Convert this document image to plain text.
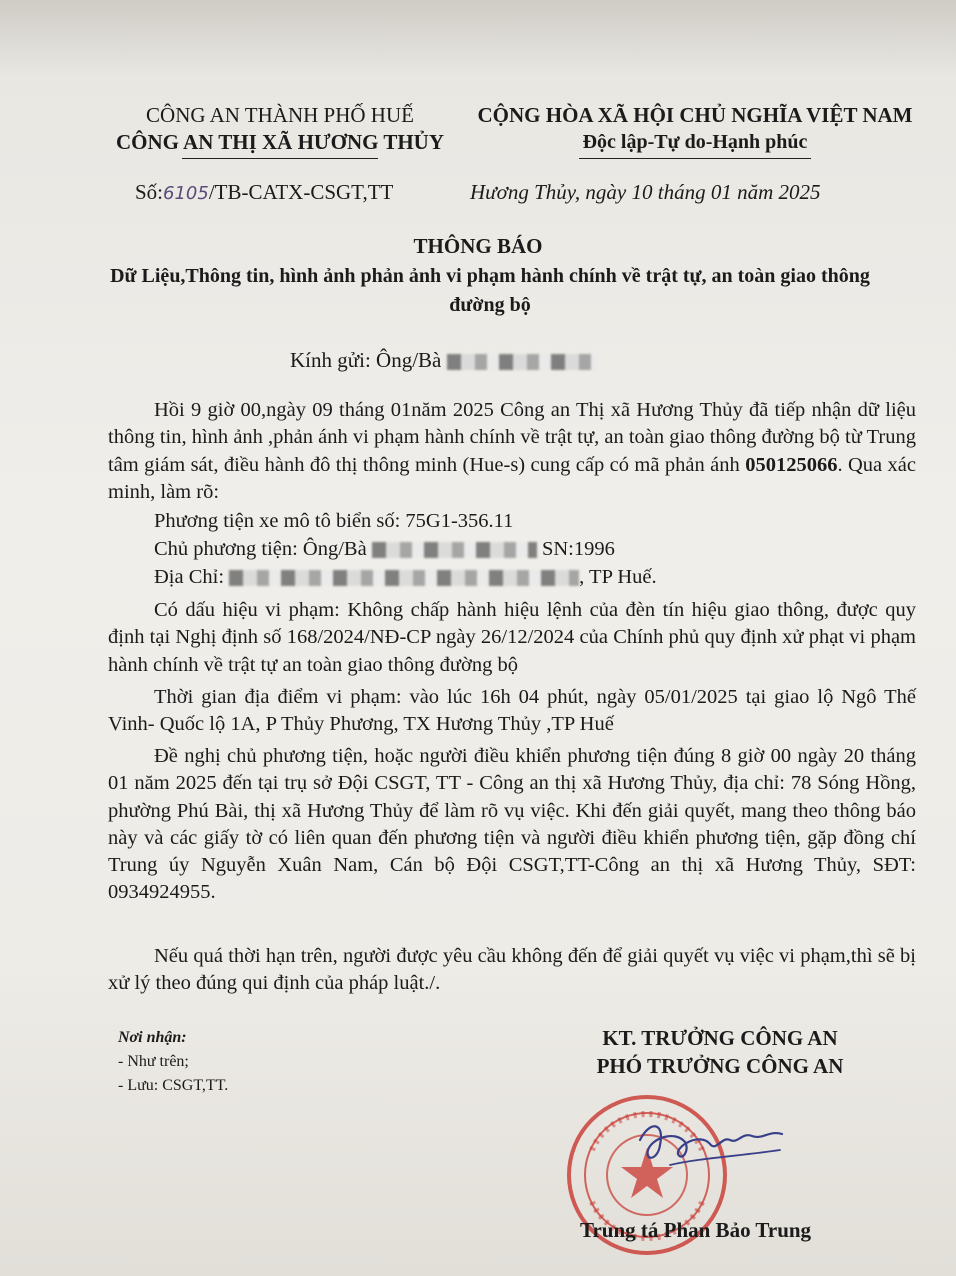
CÔNG AN THÀNH PHỐ HUẾ
CÔNG AN THỊ XÃ HƯƠNG THỦY
CỘNG HÒA XÃ HỘI CHỦ NGHĨA VIỆT NAM
Độc lập-Tự do-Hạnh phúc
Số:6105/TB-CATX-CSGT,TT	Hương Thủy, ngày 10 tháng 01 năm 2025
THÔNG BÁO
Dữ Liệu,Thông tin, hình ảnh phản ảnh vi phạm hành chính về trật tự, an toàn giao thông đường bộ
Kính gửi: Ông/Bà
Hồi 9 giờ 00,ngày 09 tháng 01năm 2025 Công an Thị xã Hương Thủy đã tiếp nhận dữ liệu thông tin, hình ảnh ,phản ánh vi phạm hành chính về trật tự, an toàn giao thông đường bộ từ Trung tâm giám sát, điều hành đô thị thông minh (Hue-s) cung cấp có mã phản ánh 050125066. Qua xác minh, làm rõ:
Phương tiện xe mô tô biển số: 75G1-356.11
Chủ phương tiện: Ông/Bà	SN:1996
Địa Chỉ:	, TP Huế.
Có dấu hiệu vi phạm: Không chấp hành hiệu lệnh của đèn tín hiệu giao thông, được quy định tại Nghị định số 168/2024/NĐ-CP ngày 26/12/2024 của Chính phủ quy định xử phạt vi phạm hành chính về trật tự an toàn giao thông đường bộ
Thời gian địa điểm vi phạm: vào lúc 16h 04 phút, ngày 05/01/2025 tại giao lộ Ngô Thế Vinh- Quốc lộ 1A, P Thủy Phương, TX Hương Thủy ,TP Huế
Đề nghị chủ phương tiện, hoặc người điều khiển phương tiện đúng 8 giờ 00 ngày 20 tháng 01 năm 2025 đến tại trụ sở Đội CSGT, TT - Công an thị xã Hương Thủy, địa chỉ: 78 Sóng Hồng, phường Phú Bài, thị xã Hương Thủy để làm rõ vụ việc. Khi đến giải quyết, mang theo thông báo này và các giấy tờ có liên quan đến phương tiện và người điều khiển phương tiện, gặp đồng chí Trung úy Nguyễn Xuân Nam, Cán bộ Đội CSGT,TT-Công an thị xã Hương Thủy, SĐT: 0934924955.
Nếu quá thời hạn trên, người được yêu cầu không đến để giải quyết vụ việc vi phạm,thì sẽ bị xử lý theo đúng qui định của pháp luật./.
Nơi nhận:
- Như trên;
- Lưu: CSGT,TT.
KT. TRƯỞNG CÔNG AN
PHÓ TRƯỞNG CÔNG AN
Trung tá Phan Bảo Trung
